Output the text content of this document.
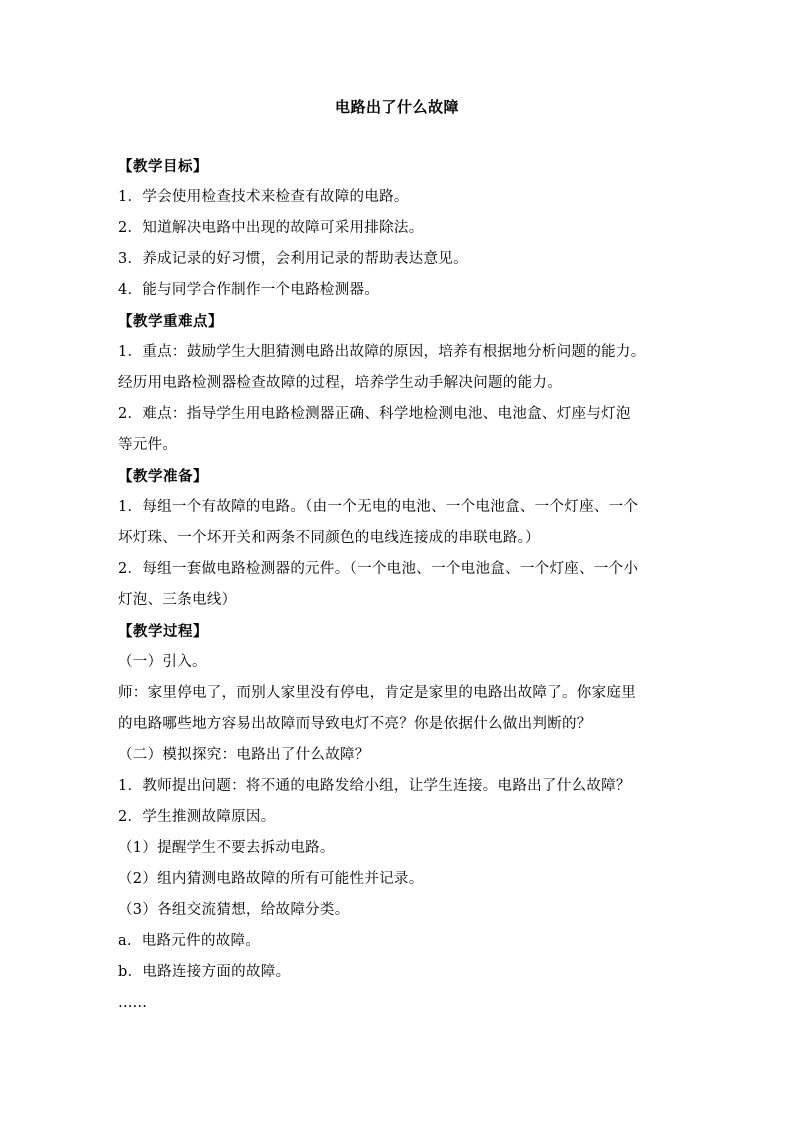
电路出了什么故障
【教学目标】
1．学会使用检查技术来检查有故障的电路。
2．知道解决电路中出现的故障可采用排除法。
3．养成记录的好习惯，会利用记录的帮助表达意见。
4．能与同学合作制作一个电路检测器。
【教学重难点】
1．重点：鼓励学生大胆猜测电路出故障的原因，培养有根据地分析问题的能力。
经历用电路检测器检查故障的过程，培养学生动手解决问题的能力。
2．难点：指导学生用电路检测器正确、科学地检测电池、电池盒、灯座与灯泡
等元件。
【教学准备】
1．每组一个有故障的电路。（由一个无电的电池、一个电池盒、一个灯座、一个
坏灯珠、一个坏开关和两条不同颜色的电线连接成的串联电路。）
2．每组一套做电路检测器的元件。（一个电池、一个电池盒、一个灯座、一个小
灯泡、三条电线）
【教学过程】
（一）引入。
师：家里停电了，而别人家里没有停电，肯定是家里的电路出故障了。你家庭里
的电路哪些地方容易出故障而导致电灯不亮？你是依据什么做出判断的？
（二）模拟探究：电路出了什么故障？
1．教师提出问题：将不通的电路发给小组，让学生连接。电路出了什么故障？
2．学生推测故障原因。
（1）提醒学生不要去拆动电路。
（2）组内猜测电路故障的所有可能性并记录。
（3）各组交流猜想，给故障分类。
a．电路元件的故障。
b．电路连接方面的故障。
……
